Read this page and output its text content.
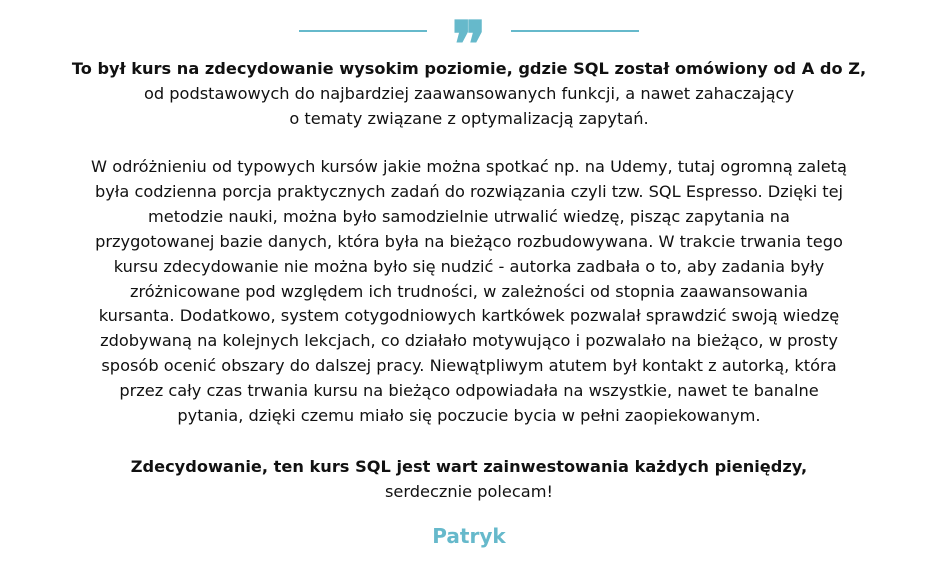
❞

To był kurs na zdecydowanie wysokim poziomie, gdzie SQL został omówiony od A do Z,
od podstawowych do najbardziej zaawansowanych funkcji, a nawet zahaczający
o tematy związane z optymalizacją zapytań.

W odróżnieniu od typowych kursów jakie można spotkać np. na Udemy, tutaj ogromną zaletą
była codzienna porcja praktycznych zadań do rozwiązania czyli tzw. SQL Espresso. Dzięki tej
metodzie nauki, można było samodzielnie utrwalić wiedzę, pisząc zapytania na
przygotowanej bazie danych, która była na bieżąco rozbudowywana. W trakcie trwania tego
kursu zdecydowanie nie można było się nudzić - autorka zadbała o to, aby zadania były
zróżnicowane pod względem ich trudności, w zależności od stopnia zaawansowania
kursanta. Dodatkowo, system cotygodniowych kartkówek pozwalał sprawdzić swoją wiedzę
zdobywaną na kolejnych lekcjach, co działało motywująco i pozwalało na bieżąco, w prosty
sposób ocenić obszary do dalszej pracy. Niewątpliwym atutem był kontakt z autorką, która
przez cały czas trwania kursu na bieżąco odpowiadała na wszystkie, nawet te banalne
pytania, dzięki czemu miało się poczucie bycia w pełni zaopiekowanym.

Zdecydowanie, ten kurs SQL jest wart zainwestowania każdych pieniędzy,
serdecznie polecam!

Patryk
